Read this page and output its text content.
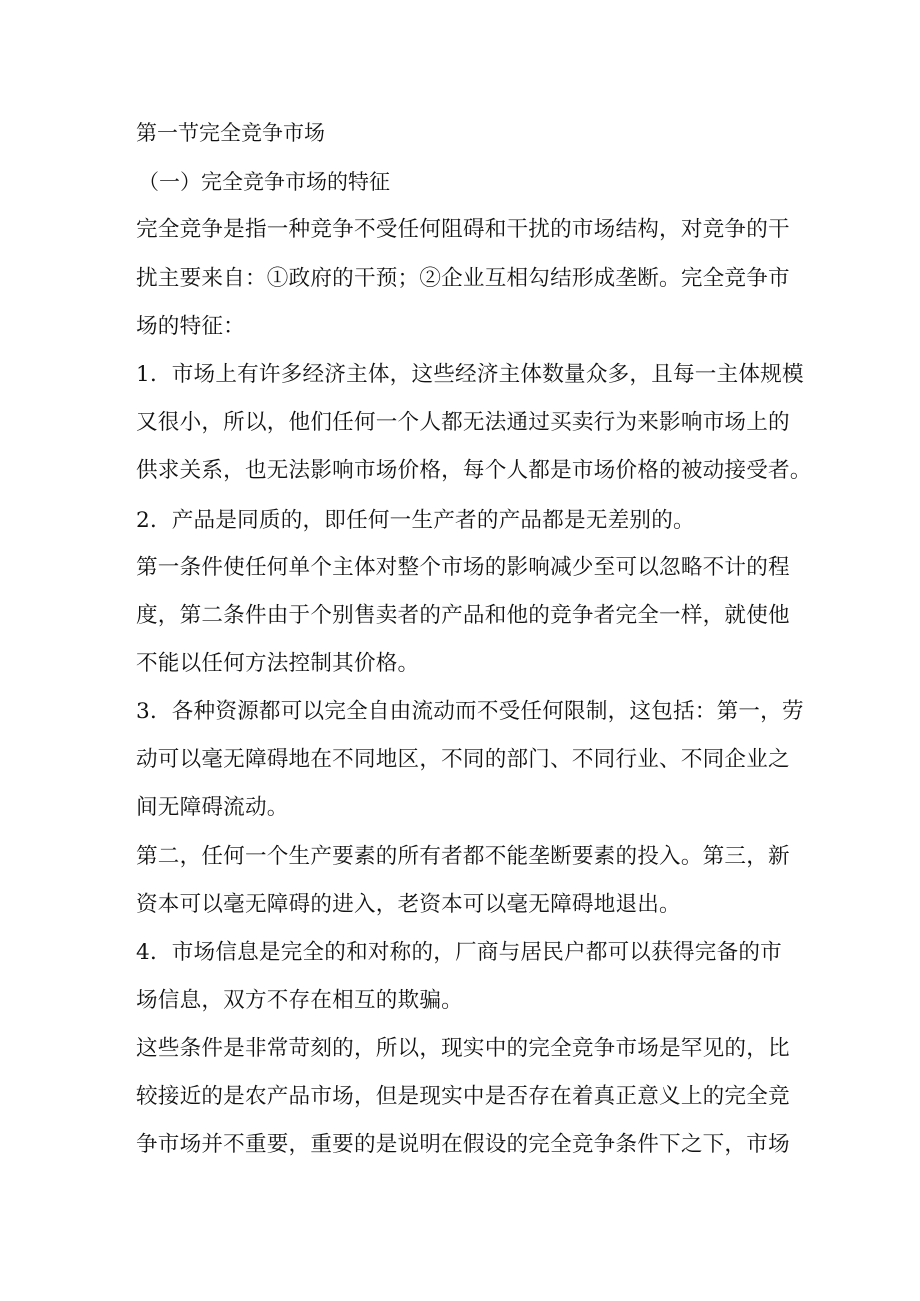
第一节完全竞争市场
（一）完全竞争市场的特征
完全竞争是指一种竞争不受任何阻碍和干扰的市场结构，对竞争的干
扰主要来自：①政府的干预；②企业互相勾结形成垄断。完全竞争市
场的特征：
1．市场上有许多经济主体，这些经济主体数量众多，且每一主体规模
又很小，所以，他们任何一个人都无法通过买卖行为来影响市场上的
供求关系，也无法影响市场价格，每个人都是市场价格的被动接受者。
2．产品是同质的，即任何一生产者的产品都是无差别的。
第一条件使任何单个主体对整个市场的影响减少至可以忽略不计的程
度，第二条件由于个别售卖者的产品和他的竞争者完全一样，就使他
不能以任何方法控制其价格。
3．各种资源都可以完全自由流动而不受任何限制，这包括：第一，劳
动可以毫无障碍地在不同地区，不同的部门、不同行业、不同企业之
间无障碍流动。
第二，任何一个生产要素的所有者都不能垄断要素的投入。第三，新
资本可以毫无障碍的进入，老资本可以毫无障碍地退出。
4．市场信息是完全的和对称的，厂商与居民户都可以获得完备的市
场信息，双方不存在相互的欺骗。
这些条件是非常苛刻的，所以，现实中的完全竞争市场是罕见的，比
较接近的是农产品市场，但是现实中是否存在着真正意义上的完全竞
争市场并不重要，重要的是说明在假设的完全竞争条件下之下，市场
